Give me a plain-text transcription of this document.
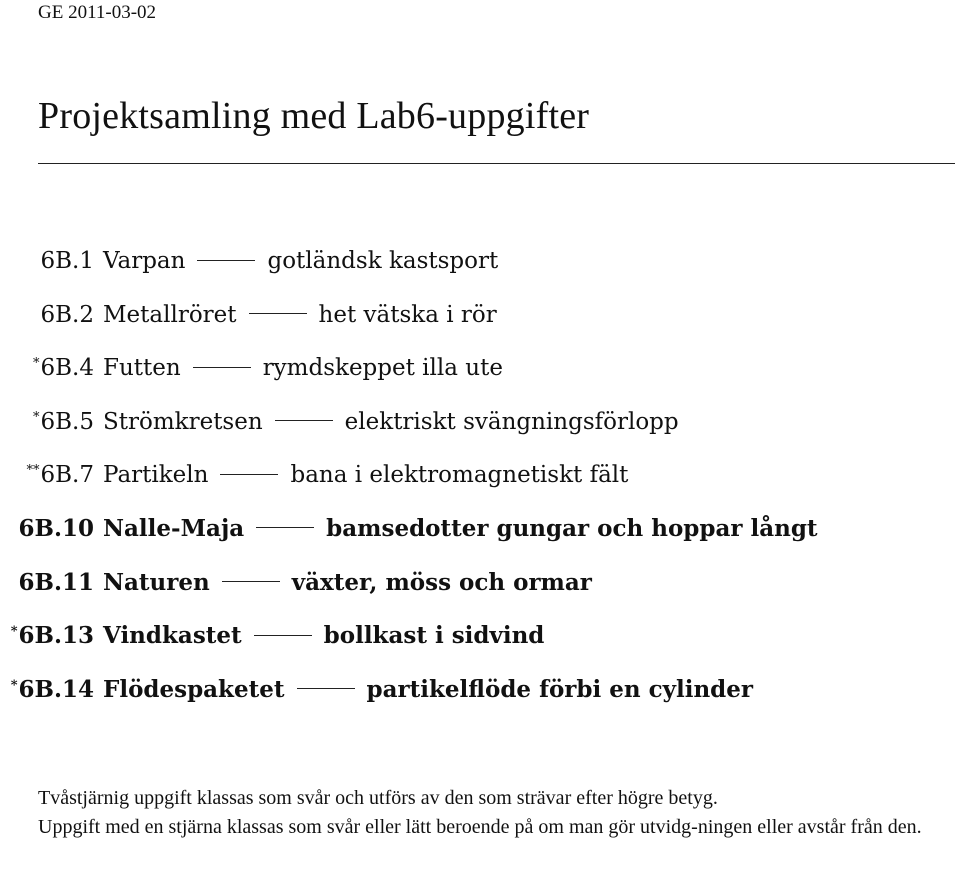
GE 2011-03-02
Projektsamling med Lab6-uppgifter
6B.1 Varpan	gotländsk kastsport
6B.2 Metallröret	het vätska i rör
*6B.4 Futten	rymdskeppet illa ute
*6B.5 Strömkretsen	elektriskt svängningsförlopp
**6B.7 Partikeln	bana i elektromagnetiskt fält
6B.10 Nalle-Maja	bamsedotter gungar och hoppar långt
6B.11 Naturen	växter, möss och ormar
*6B.13 Vindkastet	bollkast i sidvind
*6B.14 Flödespaketet	partikelflöde förbi en cylinder

Tvåstjärnig uppgift klassas som svår och utförs av den som strävar efter högre betyg.

Uppgift med en stjärna klassas som svår eller lätt beroende på om man gör utvidg-ningen eller avstår från den.
